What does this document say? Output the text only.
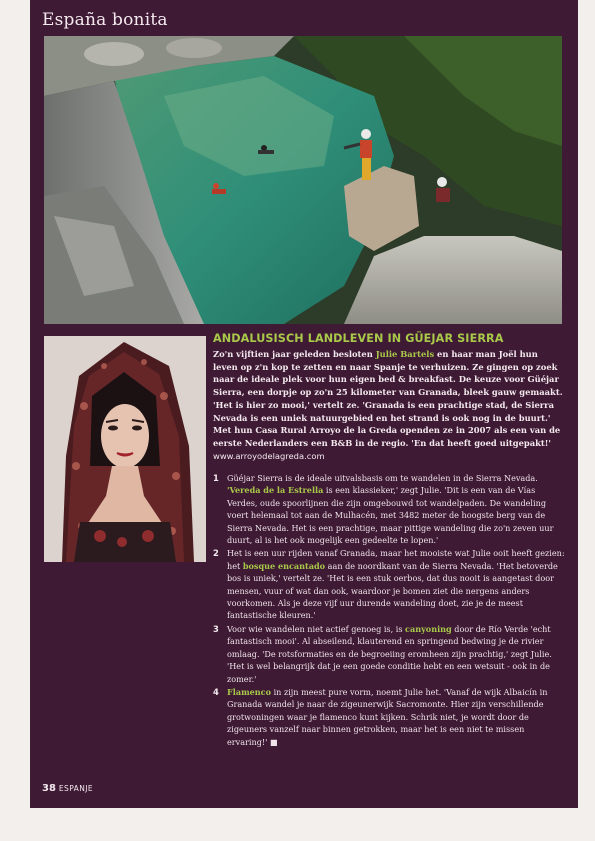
España bonita
ANDALUSISCH LANDLEVEN IN GÜEJAR SIERRA

Zo'n vijftien jaar geleden besloten Julie Bartels en haar man Joël hun leven op z'n kop te zetten en naar Spanje te verhuizen. Ze gingen op zoek naar de ideale plek voor hun eigen bed & breakfast. De keuze voor Güéjar Sierra, een dorpje op zo'n 25 kilometer van Granada, bleek gauw gemaakt. 'Het is hier zo mooi,' vertelt ze. 'Granada is een prachtige stad, de Sierra Nevada is een uniek natuurgebied en het strand is ook nog in de buurt.' Met hun Casa Rural Arroyo de la Greda openden ze in 2007 als een van de eerste Nederlanders een B&B in de regio. 'En dat heeft goed uitgepakt!' www.arroyodelagreda.com

1 Güéjar Sierra is de ideale uitvalsbasis om te wandelen in de Sierra Nevada. 'Vereda de la Estrella is een klassieker,' zegt Julie. 'Dit is een van de Vías Verdes, oude spoorlijnen die zijn omgebouwd tot wandelpaden. De wandeling voert helemaal tot aan de Mulhacén, met 3482 meter de hoogste berg van de Sierra Nevada. Het is een prachtige, maar pittige wandeling die zo'n zeven uur duurt, al is het ook mogelijk een gedeelte te lopen.'

2 Het is een uur rijden vanaf Granada, maar het mooiste wat Julie ooit heeft gezien: het bosque encantado aan de noordkant van de Sierra Nevada. 'Het betoverde bos is uniek,' vertelt ze. 'Het is een stuk oerbos, dat dus nooit is aangetast door mensen, vuur of wat dan ook, waardoor je bomen ziet die nergens anders voorkomen. Als je deze vijf uur durende wandeling doet, zie je de meest fantastische kleuren.'

3 Voor wie wandelen niet actief genoeg is, is canyoning door de Río Verde 'echt fantastisch mooi'. Al abseilend, klauterend en springend bedwing je de rivier omlaag. 'De rotsformaties en de begroeiing eromheen zijn prachtig,' zegt Julie. 'Het is wel belangrijk dat je een goede conditie hebt en een wetsuit - ook in de zomer.'

4 Flamenco in zijn meest pure vorm, noemt Julie het. 'Vanaf de wijk Albaicín in Granada wandel je naar de zigeunerwijk Sacromonte. Hier zijn verschillende grotwoningen waar je flamenco kunt kijken. Schrik niet, je wordt door de zigeuners vanzelf naar binnen getrokken, maar het is een niet te missen ervaring!' ■

38 ESPANJE
